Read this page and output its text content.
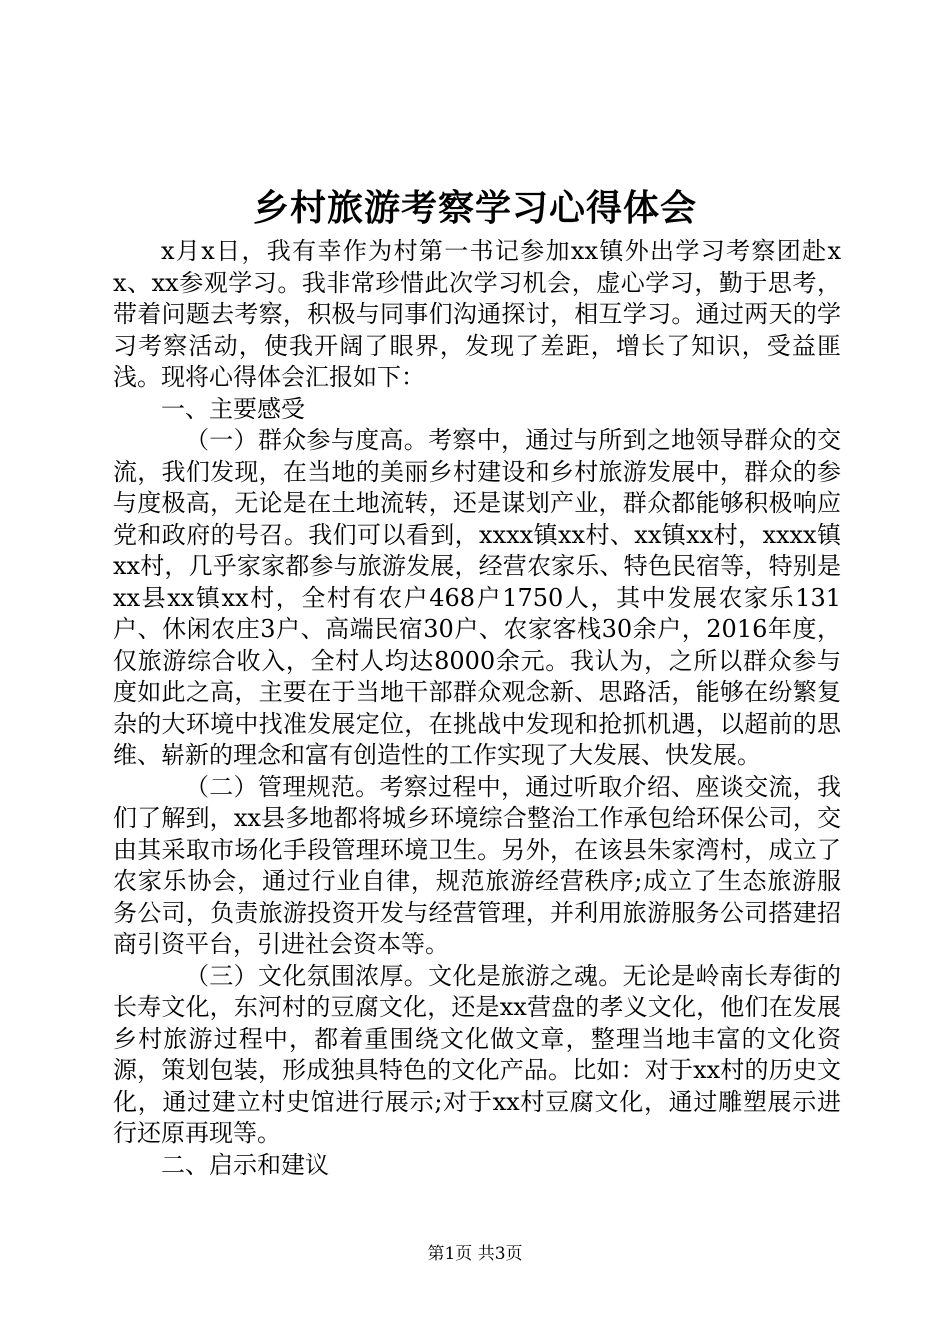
乡村旅游考察学习心得体会

x月x日，我有幸作为村第一书记参加xx镇外出学习考察团赴xx、xx参观学习。我非常珍惜此次学习机会，虚心学习，勤于思考，带着问题去考察，积极与同事们沟通探讨，相互学习。通过两天的学习考察活动，使我开阔了眼界，发现了差距，增长了知识，受益匪浅。现将心得体会汇报如下：

一、主要感受

（一）群众参与度高。考察中，通过与所到之地领导群众的交流，我们发现，在当地的美丽乡村建设和乡村旅游发展中，群众的参与度极高，无论是在土地流转，还是谋划产业，群众都能够积极响应党和政府的号召。我们可以看到，xxxx镇xx村、xx镇xx村，xxxx镇xx村，几乎家家都参与旅游发展，经营农家乐、特色民宿等，特别是xx县xx镇xx村，全村有农户468户1750人，其中发展农家乐131户、休闲农庄3户、高端民宿30户、农家客栈30余户，2016年度，仅旅游综合收入，全村人均达8000余元。我认为，之所以群众参与度如此之高，主要在于当地干部群众观念新、思路活，能够在纷繁复杂的大环境中找准发展定位，在挑战中发现和抢抓机遇，以超前的思维、崭新的理念和富有创造性的工作实现了大发展、快发展。

（二）管理规范。考察过程中，通过听取介绍、座谈交流，我们了解到，xx县多地都将城乡环境综合整治工作承包给环保公司，交由其采取市场化手段管理环境卫生。另外，在该县朱家湾村，成立了农家乐协会，通过行业自律，规范旅游经营秩序;成立了生态旅游服务公司，负责旅游投资开发与经营管理，并利用旅游服务公司搭建招商引资平台，引进社会资本等。

（三）文化氛围浓厚。文化是旅游之魂。无论是岭南长寿街的长寿文化，东河村的豆腐文化，还是xx营盘的孝义文化，他们在发展乡村旅游过程中，都着重围绕文化做文章，整理当地丰富的文化资源，策划包装，形成独具特色的文化产品。比如：对于xx村的历史文化，通过建立村史馆进行展示;对于xx村豆腐文化，通过雕塑展示进行还原再现等。

二、启示和建议

第1页 共3页
